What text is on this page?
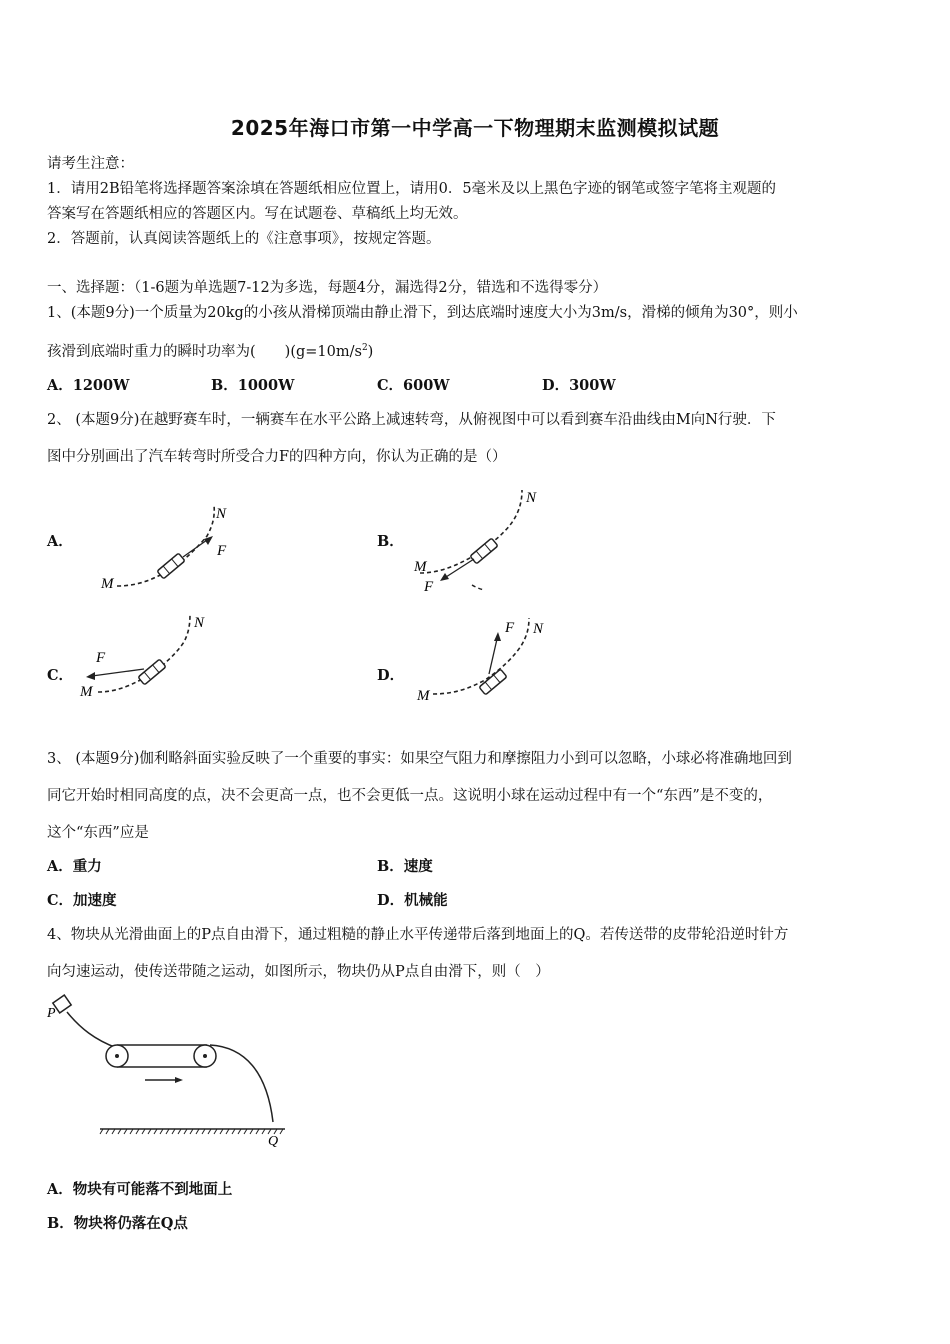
2025年海口市第一中学高一下物理期末监测模拟试题
请考生注意：
1．请用2B铅笔将选择题答案涂填在答题纸相应位置上，请用0．5毫米及以上黑色字迹的钢笔或签字笔将主观题的
答案写在答题纸相应的答题区内。写在试题卷、草稿纸上均无效。
2．答题前，认真阅读答题纸上的《注意事项》，按规定答题。
一、选择题：（1-6题为单选题7-12为多选，每题4分，漏选得2分，错选和不选得零分）
1、(本题9分)一个质量为20kg的小孩从滑梯顶端由静止滑下，到达底端时速度大小为3m/s，滑梯的倾角为30°，则小
孩滑到底端时重力的瞬时功率为(　　)$(g=10m/s^2)$
A．1200W	B．1000W	C．600W	D．300W
2、 (本题9分)在越野赛车时，一辆赛车在水平公路上减速转弯，从俯视图中可以看到赛车沿曲线由M向N行驶．下
图中分别画出了汽车转弯时所受合力F的四种方向，你认为正确的是（）
A．	B．
C．	D．
M
N
F
M
N
F
M
N
F
M
N
F
3、 (本题9分)伽利略斜面实验反映了一个重要的事实：如果空气阻力和摩擦阻力小到可以忽略，小球必将准确地回到
同它开始时相同高度的点，决不会更高一点，也不会更低一点。这说明小球在运动过程中有一个“东西”是不变的，
这个“东西”应是
A．重力	B．速度
C．加速度	D．机械能
4、物块从光滑曲面上的P点自由滑下，通过粗糙的静止水平传递带后落到地面上的Q。若传送带的皮带轮沿逆时针方
向匀速运动，使传送带随之运动，如图所示，物块仍从P点自由滑下，则（　）
P
Q
A．物块有可能落不到地面上
B．物块将仍落在Q点
